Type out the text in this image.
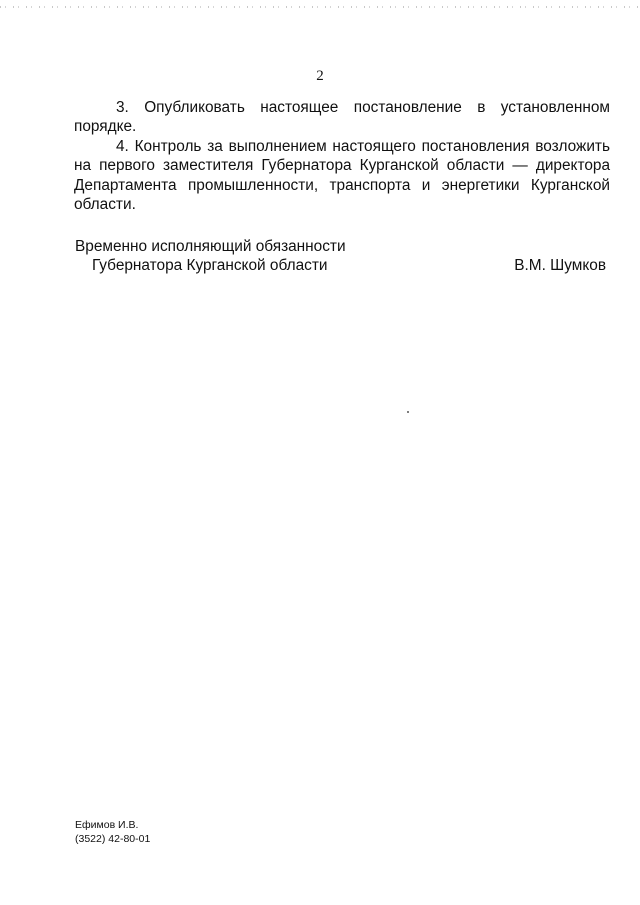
2

3. Опубликовать настоящее постановление в установленном порядке.

4. Контроль за выполнением настоящего постановления возложить на первого заместителя Губернатора Курганской области — директора Департамента промышленности, транспорта и энергетики Курганской области.

Временно исполняющий обязанности
Губернатора Курганской области	В.М. Шумков
Ефимов И.В.
(3522) 42-80-01
